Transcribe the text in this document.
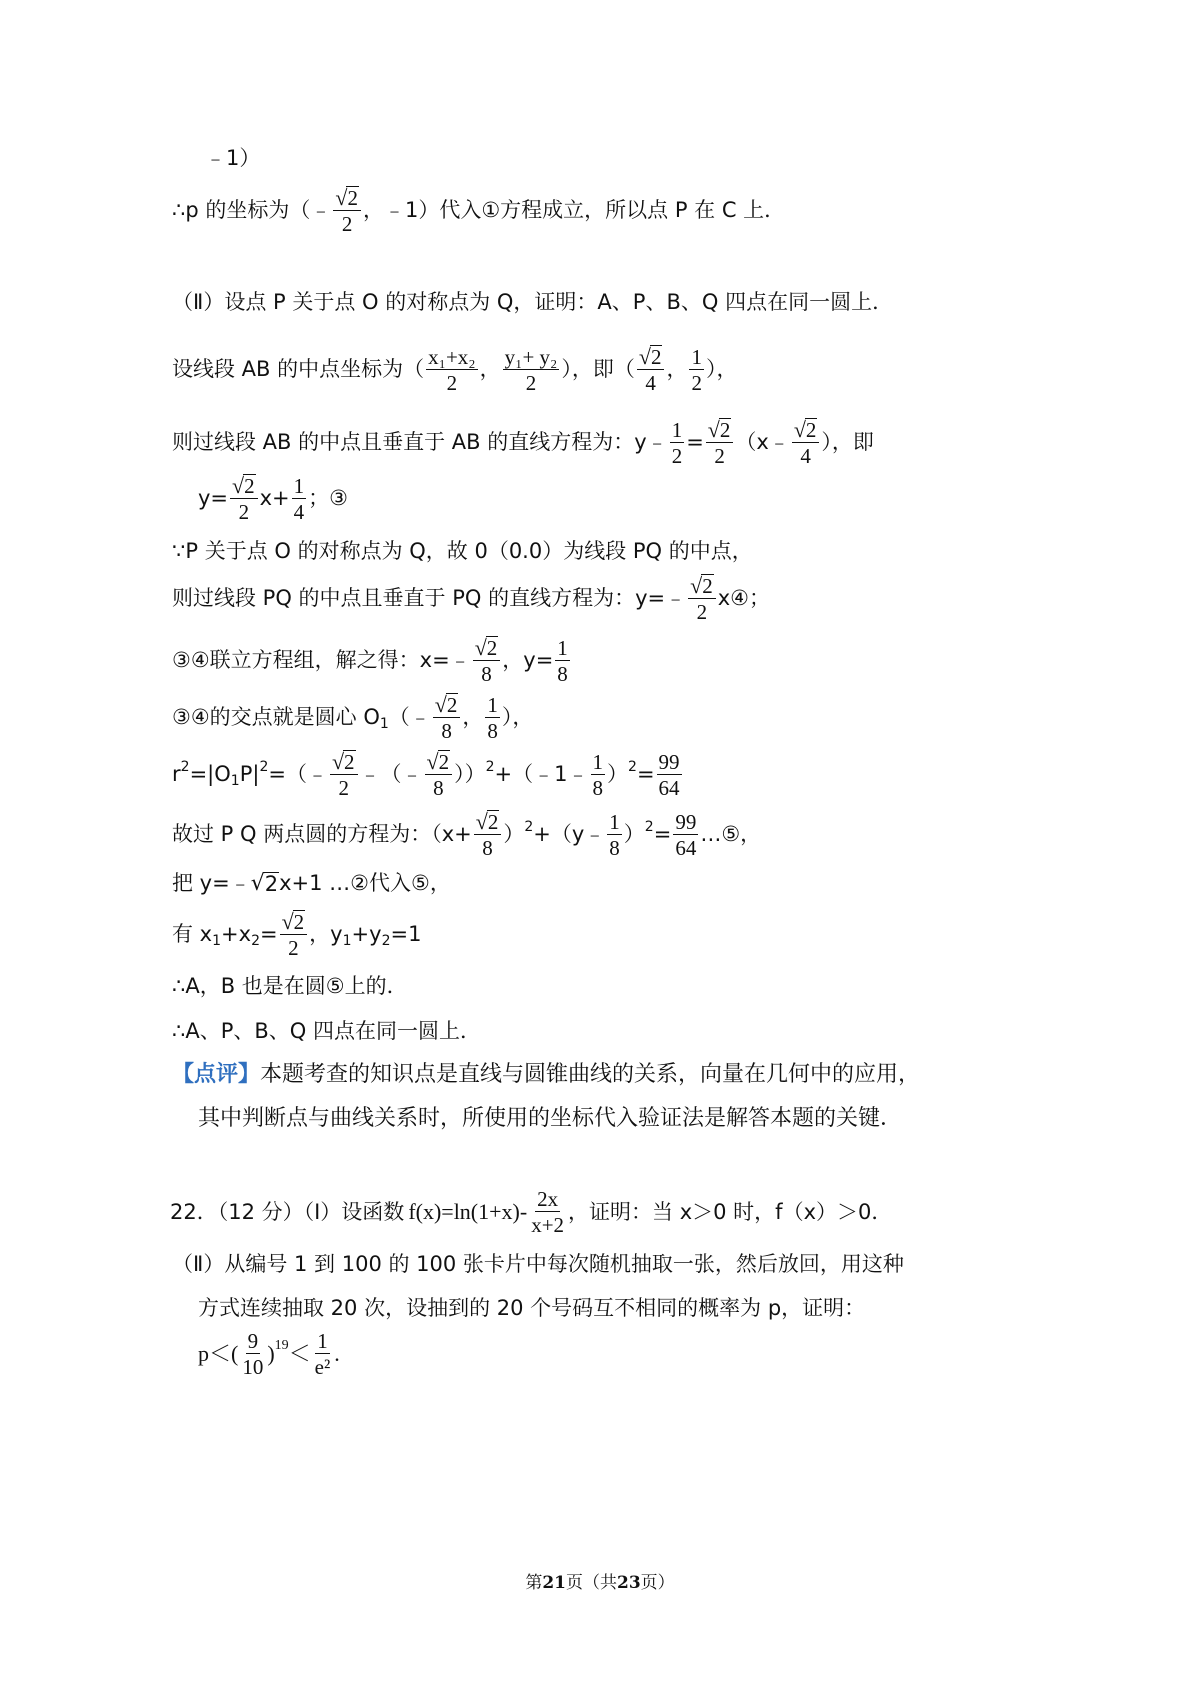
﹣1）
∴p 的坐标为（﹣ $\frac{√ 2}{2}$ ，﹣1）代入①方程成立，所以点 P 在 C 上．
（Ⅱ）设点 P 关于点 O 的对称点为 Q，证明：A、P、B、Q 四点在同一圆上．
设线段 AB 的中点坐标为（ $\frac{\text{x₁+x₂}}{2}$ ， $\frac{\text{y₁+ y₂}}{2}$ ），即（ $\frac{√ 2}{4}$ ， $\frac{1}{2}$ ），
则过线段 AB 的中点且垂直于 AB 的直线方程为：y﹣ $\frac{1}{2} = \frac{√ 2}{2}$ （x﹣ $\frac{√ 2}{4}$ ），即
$y= \frac{√ 2}{2} x+ \frac{1}{4}$ ；③
∵P 关于点 O 的对称点为 Q，故 0（0.0）为线段 PQ 的中点，
则过线段 PQ 的中点且垂直于 PQ 的直线方程为：y=﹣ $\frac{√ 2}{2}$ x④；
③④联立方程组，解之得：x=﹣ $\frac{√ 2}{8}$ ，$y= \frac{1}{8}$
③④的交点就是圆心 O 1 （﹣ $\frac{√ 2}{8}$ ， $\frac{1}{8}$ ），
r 2 =|O 1 P| 2 =（﹣ $\frac{√ 2}{2}$ ﹣（﹣ $\frac{√ 2}{8}$ ）） 2 +（﹣1﹣ $\frac{1}{8}$ ） $2 = \frac{99}{64}$
故过 P Q 两点圆的方程为：（$x+ \frac{√ 2}{8}$ ） 2 +（y﹣ $\frac{1}{8}$ ） $2 = \frac{99}{64}$ …⑤，
把 y=﹣ √ 2 x+1 …②代入⑤，
有 x 1 +x $2 = \frac{√ 2}{2}$ ，y 1 +y 2 =1
∴A，B 也是在圆⑤上的．
∴A、P、B、Q 四点在同一圆上．
【点评】 本题考查的知识点是直线与圆锥曲线的关系，向量在几何中的应用，
其中判断点与曲线关系时，所使用的坐标代入验证法是解答本题的关键．
22．（12 分）（Ⅰ）设函数 $f(x)=\ln(1+x)- \frac{2x}{x+2}$ ，证明：当 x＞0 时，f（x）＞0．
（Ⅱ）从编号 1 到 100 的 100 张卡片中每次随机抽取一张，然后放回，用这种
方式连续抽取 20 次，设抽到的 20 个号码互不相同的概率为 p，证明：
$p<( \frac{9}{10}$ ) $19 < \frac{1}{\text{e²}}$ .
第21页（共23页）
